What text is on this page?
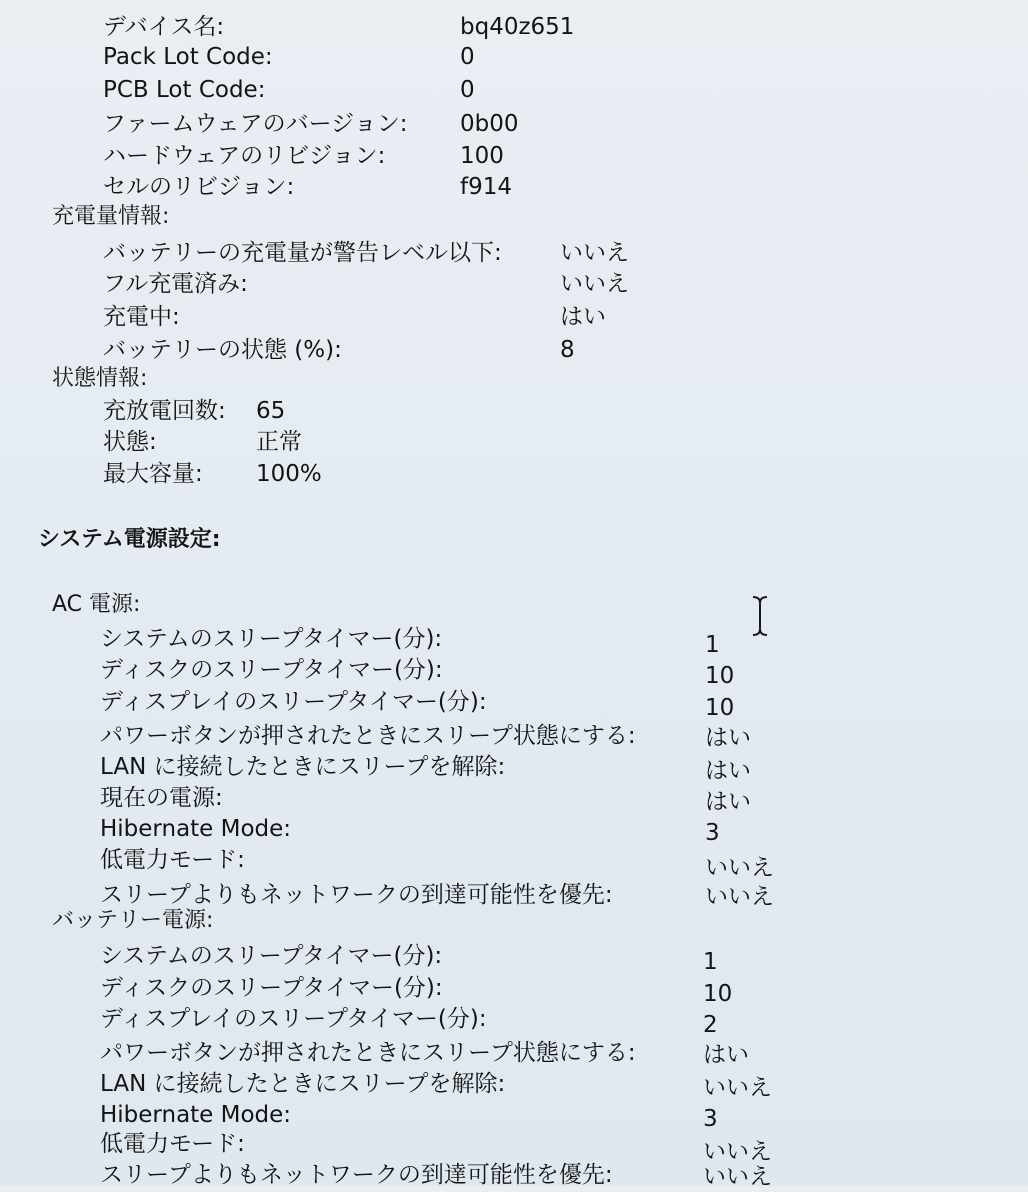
デバイス名:	bq40z651
Pack Lot Code:	0
PCB Lot Code:	0
ファームウェアのバージョン: 0b00
ハードウェアのリビジョン:	100
セルのリビジョン:	f914
充電量情報:
バッテリーの充電量が警告レベル以下:	いいえ
フル充電済み:	いいえ
充電中:	はい
バッテリーの状態 (%):	8
状態情報:
充放電回数: 65
状態:	正常
最大容量: 100%
システム電源設定:
AC 電源:
システムのスリープタイマー(分):	1
ディスクのスリープタイマー(分):	10
ディスプレイのスリープタイマー(分):	10
パワーボタンが押されたときにスリープ状態にする:	はい
LAN に接続したときにスリープを解除:	はい
現在の電源:	はい
Hibernate Mode:	3
低電力モード:	いいえ
スリープよりもネットワークの到達可能性を優先:	いいえ
バッテリー電源:
システムのスリープタイマー(分):	1
ディスクのスリープタイマー(分):	10
ディスプレイのスリープタイマー(分):	2
パワーボタンが押されたときにスリープ状態にする:	はい
LAN に接続したときにスリープを解除:	いいえ
Hibernate Mode:	3
低電力モード:	いいえ
スリープよりもネットワークの到達可能性を優先:	いいえ
